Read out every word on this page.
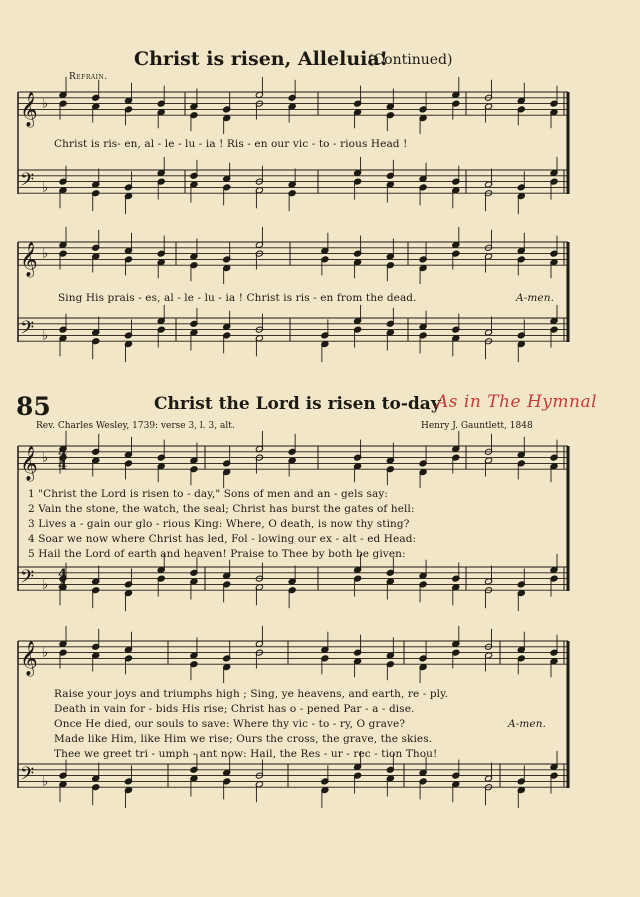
Christ is risen, Alleluia!
(Continued)
Refrain.
85	Christ the Lord is risen to-day
As in The Hymnal
Rev. Charles Wesley, 1739: verse 3, l. 3, alt.	Henry J. Gauntlett, 1848
𝄞 ♭
𝄢 ♭
𝄞 ♭
𝄢 ♭
𝄞 ♭
𝄢 ♭
𝄞 ♭
𝄢 ♭
4
4
4
4
Christ is ris- en, al - le - lu - ia ! Ris - en our vic - to - rious Head !
Sing His prais - es, al - le - lu - ia ! Christ is ris - en from the dead.	A-men.
1 "Christ the Lord is risen to - day," Sons of men and an - gels say:
2 Vain the stone, the watch, the seal; Christ has burst the gates of hell:
3 Lives a - gain our glo - rious King: Where, O death, is now thy sting?
4 Soar we now where Christ has led, Fol - lowing our ex - alt - ed Head:
5 Hail the Lord of earth and heaven! Praise to Thee by both be given:
Raise your joys and triumphs high ; Sing, ye heavens, and earth, re - ply.
Death in vain for - bids His rise; Christ has o - pened Par - a - dise.
Once He died, our souls to save: Where thy vic - to - ry, O grave?	A-men.
Made like Him, like Him we rise; Ours the cross, the grave, the skies.
Thee we greet tri - umph - ant now: Hail, the Res - ur - rec - tion Thou!
